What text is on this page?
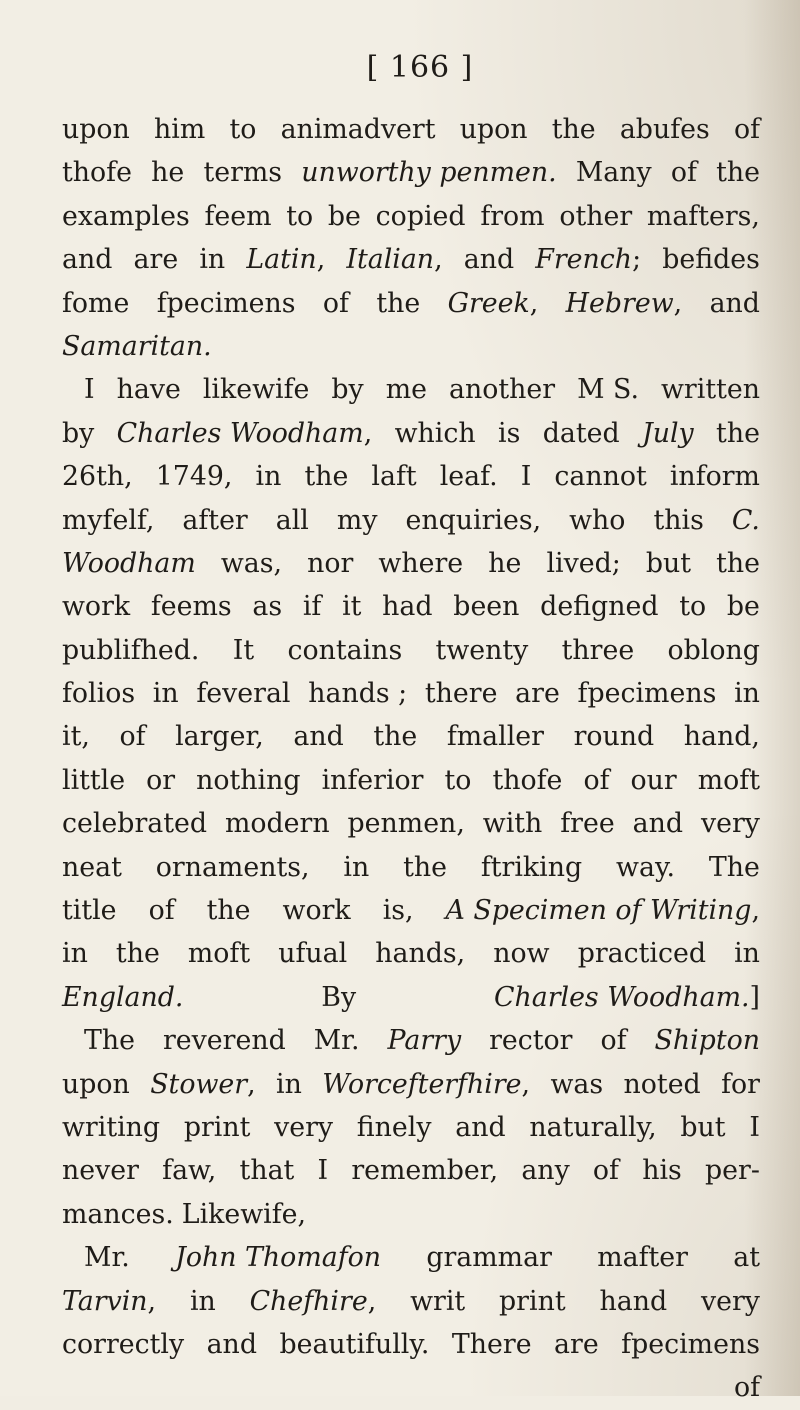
[ 166 ]
upon him to animadvert upon the abufes of
thofe he terms unworthy penmen. Many of the
examples feem to be copied from other mafters,
and are in Latin, Italian, and French; befides
fome fpecimens of the Greek, Hebrew, and
Samaritan.
I have likewife by me another M S. written
by Charles Woodham, which is dated July the
26th, 1749, in the laft leaf. I cannot inform
myfelf, after all my enquiries, who this C.
Woodham was, nor where he lived; but the
work feems as if it had been defigned to be
publifhed. It contains twenty three oblong
folios in feveral hands ; there are fpecimens in
it, of larger, and the fmaller round hand,
little or nothing inferior to thofe of our moft
celebrated modern penmen, with free and very
neat ornaments, in the ftriking way. The
title of the work is, A Specimen of Writing,
in the moft ufual hands, now practiced in
England.	By	Charles Woodham.]
The reverend Mr. Parry rector of Shipton
upon Stower, in Worcefterfhire, was noted for
writing print very finely and naturally, but I
never faw, that I remember, any of his per-
mances. Likewife,
Mr. John Thomafon grammar mafter at
Tarvin, in Chefhire, writ print hand very
correctly and beautifully. There are fpecimens
of
